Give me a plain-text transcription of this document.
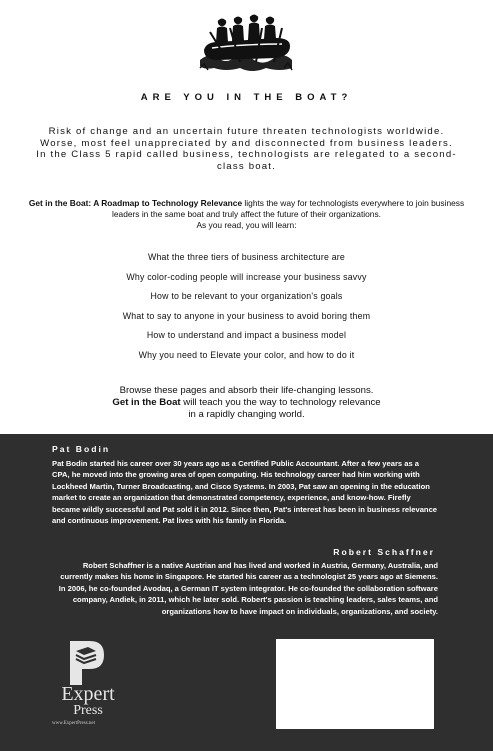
ARE YOU IN THE BOAT?
Risk of change and an uncertain future threaten technologists worldwide. Worse, most feel unappreciated by and disconnected from business leaders. In the Class 5 rapid called business, technologists are relegated to a second-class boat.
Get in the Boat: A Roadmap to Technology Relevance lights the way for technologists everywhere to join business leaders in the same boat and truly affect the future of their organizations.
As you read, you will learn:
What the three tiers of business architecture are
Why color-coding people will increase your business savvy
How to be relevant to your organization's goals
What to say to anyone in your business to avoid boring them
How to understand and impact a business model
Why you need to Elevate your color, and how to do it
Browse these pages and absorb their life-changing lessons.
Get in the Boat will teach you the way to technology relevance
in a rapidly changing world.
Pat Bodin
Pat Bodin started his career over 30 years ago as a Certified Public Accountant. After a few years as a CPA, he moved into the growing area of open computing. His technology career had him working with Lockheed Martin, Turner Broadcasting, and Cisco Systems. In 2003, Pat saw an opening in the education market to create an organization that demonstrated competency, experience, and know-how. Firefly became wildly successful and Pat sold it in 2012. Since then, Pat's interest has been in business relevance and continuous improvement. Pat lives with his family in Florida.
Robert Schaffner
Robert Schaffner is a native Austrian and has lived and worked in Austria, Germany, Australia, and currently makes his home in Singapore. He started his career as a technologist 25 years ago at Siemens. In 2006, he co-founded Avodaq, a German IT system integrator. He co-founded the collaboration software company, Andiek, in 2011, which he later sold. Robert's passion is teaching leaders, sales teams, and organizations how to have impact on individuals, organizations, and society.
Expert
Press
www.ExpertPress.net
